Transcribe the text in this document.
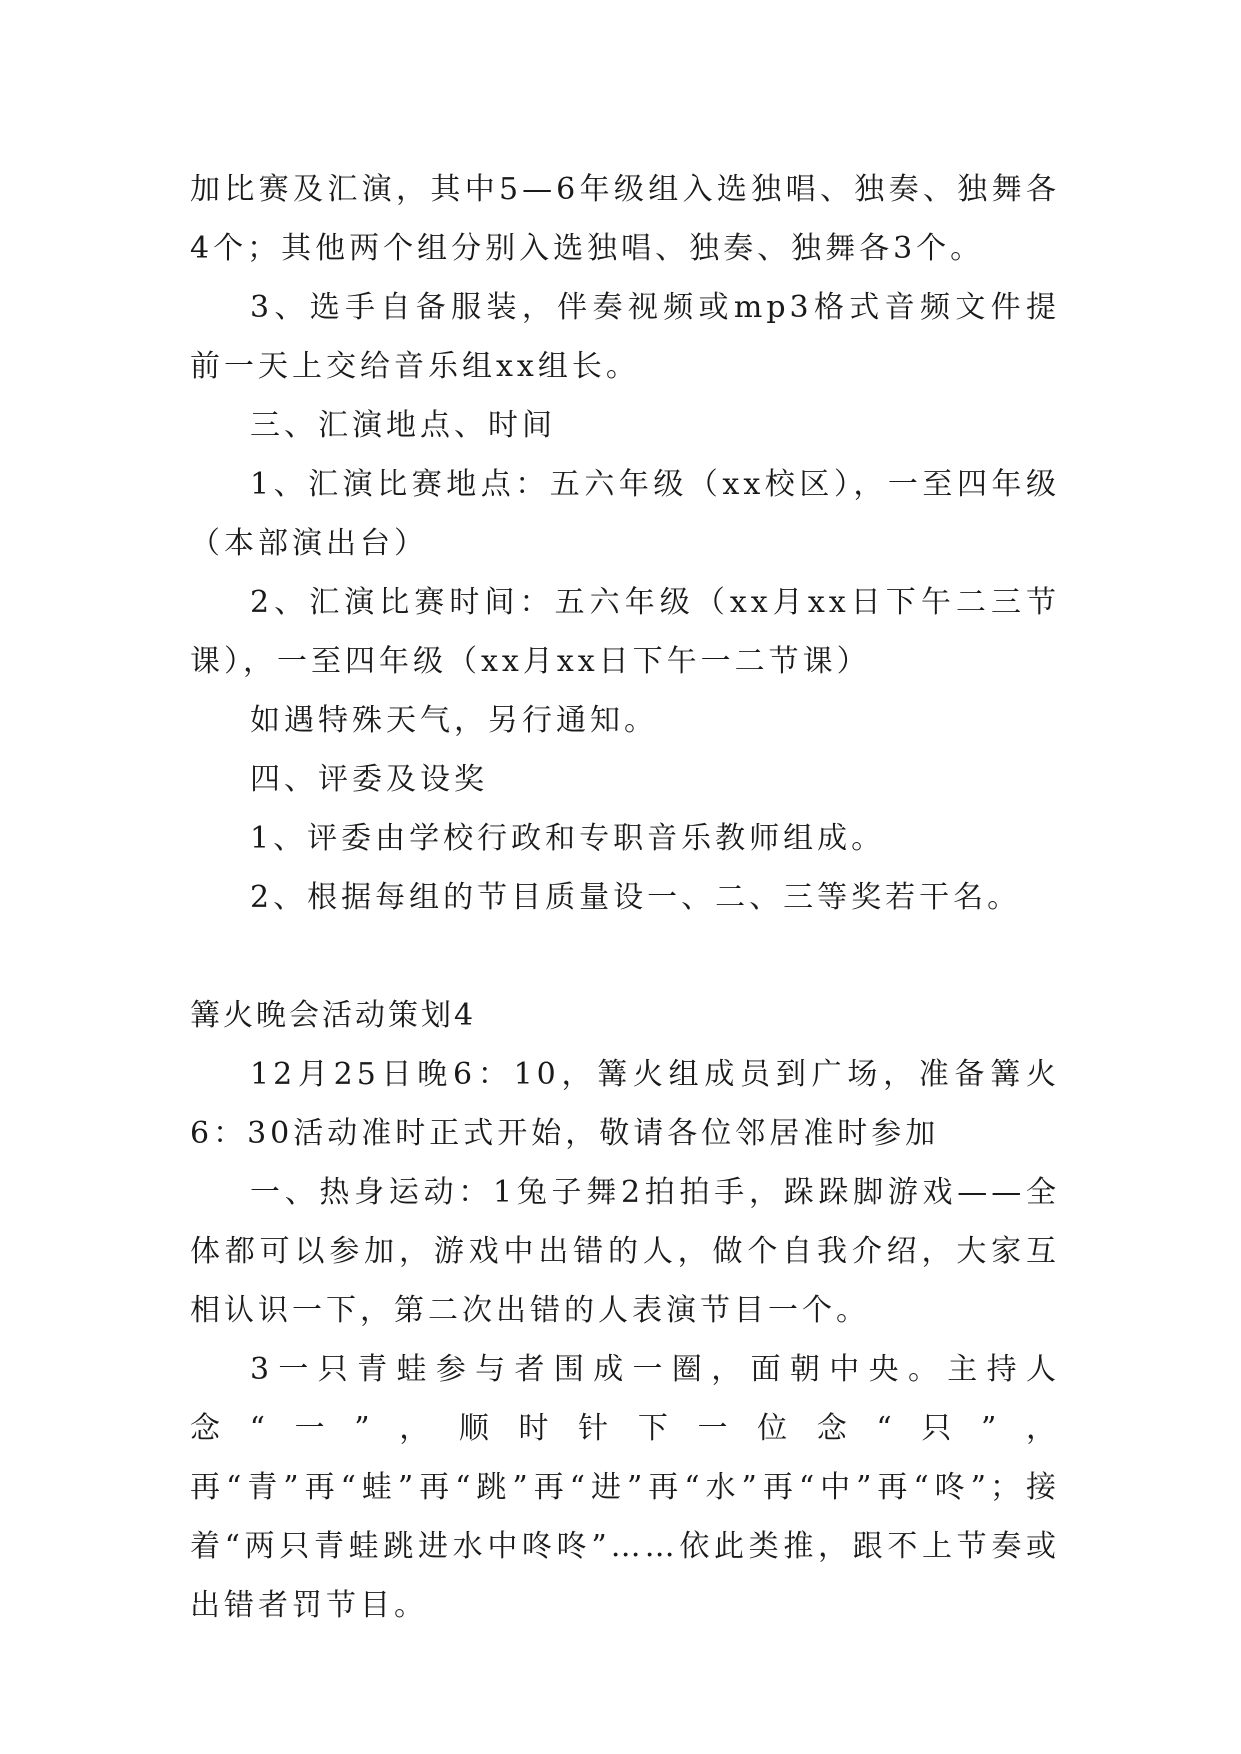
加比赛及汇演，其中5—6年级组入选独唱、独奏、独舞各4个；其他两个组分别入选独唱、独奏、独舞各3个。

3、选手自备服装，伴奏视频或mp3格式音频文件提前一天上交给音乐组xx组长。

三、汇演地点、时间

1、汇演比赛地点：五六年级（xx校区），一至四年级（本部演出台）

2、汇演比赛时间：五六年级（xx月xx日下午二三节课），一至四年级（xx月xx日下午一二节课）

如遇特殊天气，另行通知。

四、评委及设奖

1、评委由学校行政和专职音乐教师组成。

2、根据每组的节目质量设一、二、三等奖若干名。

篝火晚会活动策划4

12月25日晚6：10，篝火组成员到广场，准备篝火6：30活动准时正式开始，敬请各位邻居准时参加

一、热身运动：1兔子舞2拍拍手，跺跺脚游戏——全体都可以参加，游戏中出错的人，做个自我介绍，大家互相认识一下，第二次出错的人表演节目一个。

3一只青蛙参与者围成一圈，面朝中央。主持人念“一”，顺时针下一位念“只”，再“青”再“蛙”再“跳”再“进”再“水”再“中”再“咚”；接着“两只青蛙跳进水中咚咚”……依此类推，跟不上节奏或出错者罚节目。
